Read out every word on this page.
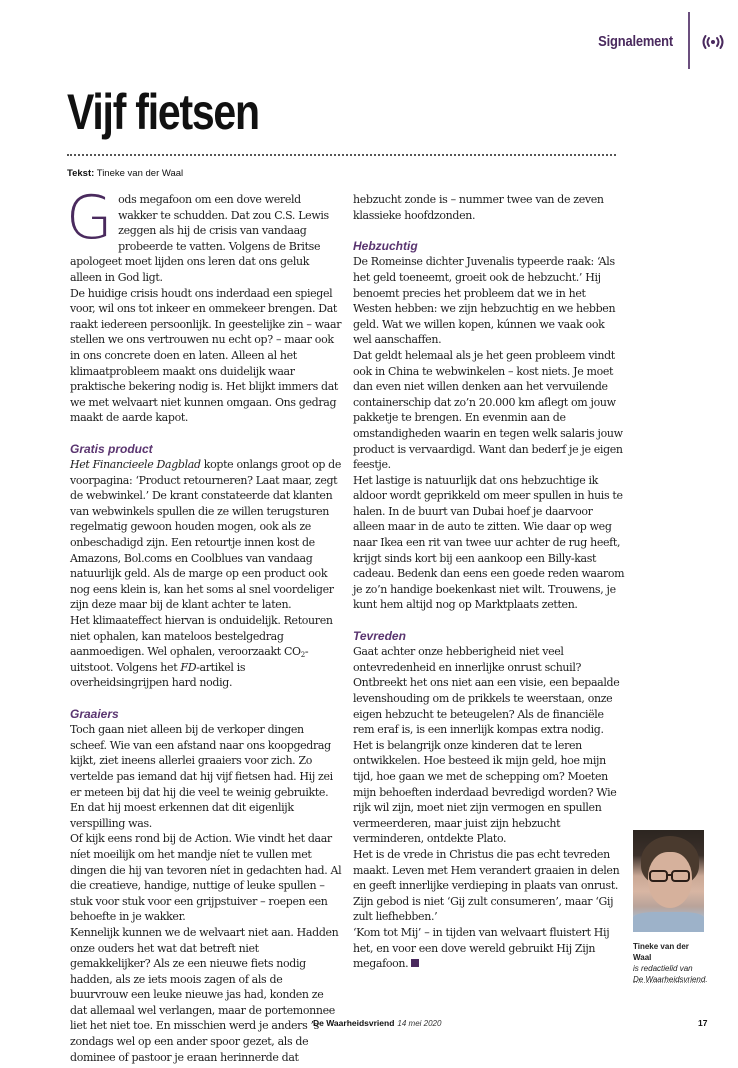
Signalement
Vijf fietsen
Tekst: Tineke van der Waal

Gods megafoon om een dove wereld wakker te schudden. Dat zou C.S. Lewis zeggen als hij de crisis van vandaag probeerde te vatten. Volgens de Britse apologeet moet lijden ons leren dat ons geluk alleen in God ligt.

De huidige crisis houdt ons inderdaad een spiegel voor, wil ons tot inkeer en ommekeer brengen. Dat raakt iedereen persoonlijk. In geestelijke zin – waar stellen we ons vertrouwen nu echt op? – maar ook in ons concrete doen en laten. Alleen al het klimaatprobleem maakt ons duidelijk waar praktische bekering nodig is. Het blijkt immers dat we met welvaart niet kunnen omgaan. Ons gedrag maakt de aarde kapot.

Gratis product

Het Financieele Dagblad kopte onlangs groot op de voorpagina: ‘Product retourneren? Laat maar, zegt de webwinkel.’ De krant constateerde dat klanten van webwinkels spullen die ze willen terugsturen regelmatig gewoon houden mogen, ook als ze onbeschadigd zijn. Een retourtje innen kost de Amazons, Bol.coms en Coolblues van vandaag natuurlijk geld. Als de marge op een product ook nog eens klein is, kan het soms al snel voordeliger zijn deze maar bij de klant achter te laten.

Het klimaateffect hiervan is onduidelijk. Retouren niet ophalen, kan mateloos bestelgedrag aanmoedigen. Wel ophalen, veroorzaakt $CO_2$-uitstoot. Volgens het FD-artikel is overheidsingrijpen hard nodig.

Graaiers

Toch gaan niet alleen bij de verkoper dingen scheef. Wie van een afstand naar ons koopgedrag kijkt, ziet ineens allerlei graaiers voor zich. Zo vertelde pas iemand dat hij vijf fietsen had. Hij zei er meteen bij dat hij die veel te weinig gebruikte. En dat hij moest erkennen dat dit eigenlijk verspilling was.

Of kijk eens rond bij de Action. Wie vindt het daar níet moeilijk om het mandje níet te vullen met dingen die hij van tevoren níet in gedachten had. Al die creatieve, handige, nuttige of leuke spullen – stuk voor stuk voor een grijpstuiver – roepen een behoefte in je wakker.

Kennelijk kunnen we de welvaart niet aan. Hadden onze ouders het wat dat betreft niet gemakkelijker? Als ze een nieuwe fiets nodig hadden, als ze iets moois zagen of als de buurvrouw een leuke nieuwe jas had, konden ze dat allemaal wel verlangen, maar de portemonnee liet het niet toe. En misschien werd je anders ’s zondags wel op een ander spoor gezet, als de dominee of pastoor je eraan herinnerde dat

hebzucht zonde is – nummer twee van de zeven klassieke hoofdzonden.

Hebzuchtig

De Romeinse dichter Juvenalis typeerde raak: ‘Als het geld toeneemt, groeit ook de hebzucht.’ Hij benoemt precies het probleem dat we in het Westen hebben: we zijn hebzuchtig en we hebben geld. Wat we willen kopen, kúnnen we vaak ook wel aanschaffen.

Dat geldt helemaal als je het geen probleem vindt ook in China te webwinkelen – kost niets. Je moet dan even niet willen denken aan het vervuilende containerschip dat zo’n 20.000 km aflegt om jouw pakketje te brengen. En evenmin aan de omstandigheden waarin en tegen welk salaris jouw product is vervaardigd. Want dan bederf je je eigen feestje.

Het lastige is natuurlijk dat ons hebzuchtige ik aldoor wordt geprikkeld om meer spullen in huis te halen. In de buurt van Dubai hoef je daarvoor alleen maar in de auto te zitten. Wie daar op weg naar Ikea een rit van twee uur achter de rug heeft, krijgt sinds kort bij een aankoop een Billy-kast cadeau. Bedenk dan eens een goede reden waarom je zo’n handige boekenkast niet wilt. Trouwens, je kunt hem altijd nog op Marktplaats zetten.

Tevreden

Gaat achter onze hebberigheid niet veel ontevredenheid en innerlijke onrust schuil? Ontbreekt het ons niet aan een visie, een bepaalde levenshouding om de prikkels te weerstaan, onze eigen hebzucht te beteugelen? Als de financiële rem eraf is, is een innerlijk kompas extra nodig. Het is belangrijk onze kinderen dat te leren ontwikkelen. Hoe besteed ik mijn geld, hoe mijn tijd, hoe gaan we met de schepping om? Moeten mijn behoeften inderdaad bevredigd worden? Wie rijk wil zijn, moet niet zijn vermogen en spullen vermeerderen, maar juist zijn hebzucht verminderen, ontdekte Plato.

Het is de vrede in Christus die pas echt tevreden maakt. Leven met Hem verandert graaien in delen en geeft innerlijke verdieping in plaats van onrust. Zijn gebod is niet ‘Gij zult consumeren’, maar ‘Gij zult liefhebben.’

‘Kom tot Mij’ – in tijden van welvaart fluistert Hij het, en voor een dove wereld gebruikt Hij Zijn megafoon.

Tineke van der Waal
is redactielid van
De Waarheidsvriend.
De Waarheidsvriend 14 mei 2020	17
